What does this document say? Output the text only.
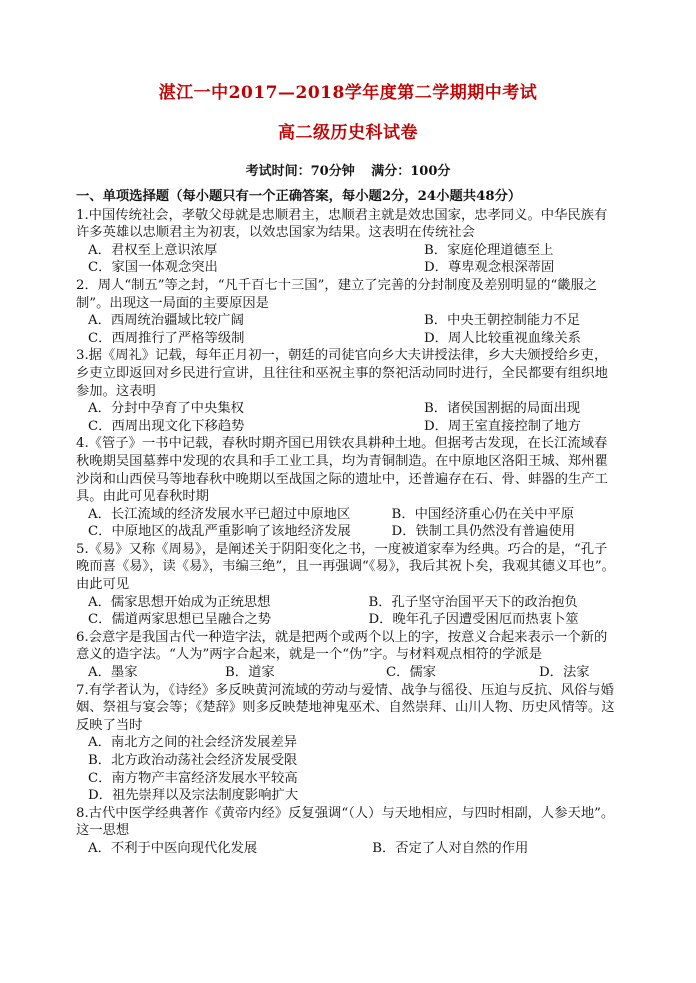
湛江一中2017—2018学年度第二学期期中考试
高二级历史科试卷
考试时间：70分钟 满分：100分
一、单项选择题（每小题只有一个正确答案，每小题2分，24小题共48分）
1.中国传统社会，孝敬父母就是忠顺君主，忠顺君主就是效忠国家，忠孝同义。中华民族有许多英雄以忠顺君主为初衷，以效忠国家为结果。这表明在传统社会
A．君权至上意识浓厚	B．家庭伦理道德至上
C．家国一体观念突出	D．尊卑观念根深蒂固
2．周人“制五”等之封，“凡千百七十三国”，建立了完善的分封制度及差别明显的“畿服之制”。出现这一局面的主要原因是
A．西周统治疆域比较广阔	B．中央王朝控制能力不足
C．西周推行了严格等级制	D．周人比较重视血缘关系
3.据《周礼》记载，每年正月初一，朝廷的司徒官向乡大夫讲授法律，乡大夫颁授给乡吏，乡吏立即返回对乡民进行宣讲，且往往和巫祝主事的祭祀活动同时进行，全民都要有组织地参加。这表明
A．分封中孕育了中央集权	B．诸侯国割据的局面出现
C．西周出现文化下移趋势	D．周王室直接控制了地方
4.《管子》一书中记载，春秋时期齐国已用铁农具耕种土地。但据考古发现，在长江流域春秋晚期吴国墓葬中发现的农具和手工业工具，均为青铜制造。在中原地区洛阳王城、郑州瞿沙岗和山西侯马等地春秋中晚期以至战国之际的遗址中，还普遍存在石、骨、蚌器的生产工具。由此可见春秋时期
A．长江流域的经济发展水平已超过中原地区	B．中国经济重心仍在关中平原
C．中原地区的战乱严重影响了该地经济发展	D．铁制工具仍然没有普遍使用
5.《易》又称《周易》，是阐述关于阴阳变化之书，一度被道家奉为经典。巧合的是，“孔子晚而喜《易》，读《易》，韦编三绝”，且一再强调“《易》，我后其祝卜矣，我观其德义耳也”。由此可见
A．儒家思想开始成为正统思想	B．孔子坚守治国平天下的政治抱负
C．儒道两家思想已呈融合之势	D．晚年孔子因遭受困厄而热衷卜筮
6.会意字是我国古代一种造字法，就是把两个或两个以上的字，按意义合起来表示一个新的意义的造字法。“人为”两字合起来，就是一个“伪”字。与材料观点相符的学派是
A．墨家	B．道家	C．儒家	D．法家
7.有学者认为，《诗经》多反映黄河流域的劳动与爱情、战争与徭役、压迫与反抗、风俗与婚姻、祭祖与宴会等；《楚辞》则多反映楚地神鬼巫术、自然崇拜、山川人物、历史风情等。这反映了当时
A．南北方之间的社会经济发展差异
B．北方政治动荡社会经济发展受限
C．南方物产丰富经济发展水平较高
D．祖先崇拜以及宗法制度影响扩大
8.古代中医学经典著作《黄帝内经》反复强调“（人）与天地相应，与四时相副，人参天地”。这一思想
A．不利于中医向现代化发展	B．否定了人对自然的作用
